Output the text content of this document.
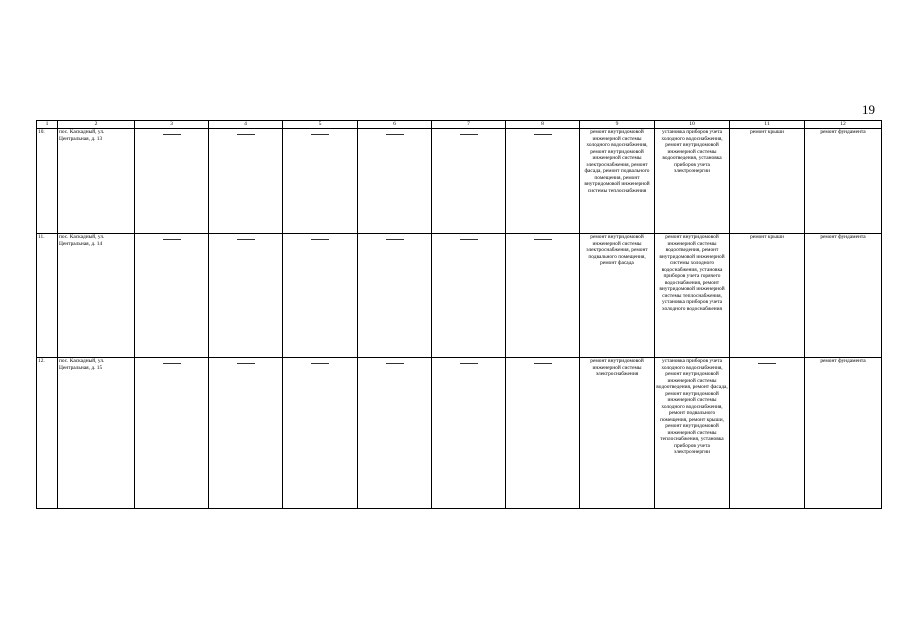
19
1	2	3	4	5	6	7	8	9	10	11	12
10.	пос. Каскадный, ул. Центральная, д. 13							ремонт внутридомовой инженерной системы холодного водоснабжения, ремонт внутридомовой инженерной системы электроснабжения, ремонт фасада, ремонт подвального помещения, ремонт внутридомовой инженерной системы теплоснабжения	установка приборов учета холодного водоснабжения, ремонт внутридомовой инженерной системы водоотведения, установка приборов учета электроэнергии	ремонт крыши	ремонт фундамента
11.	пос. Каскадный, ул. Центральная, д. 14							ремонт внутридомовой инженерной системы электроснабжения, ремонт подвального помещения, ремонт фасада	ремонт внутридомовой инженерной системы водоотведения, ремонт внутридомовой инженерной системы холодного водоснабжения, установка приборов учета горячего водоснабжения, ремонт внутридомовой инженерной системы теплоснабжения, установка приборов учета холодного водоснабжения	ремонт крыши	ремонт фундамента
12.	пос. Каскадный, ул. Центральная, д. 15							ремонт внутридомовой инженерной системы электроснабжения	установка приборов учета холодного водоснабжения, ремонт внутридомовой инженерной системы водоотведения, ремонт фасада, ремонт внутридомовой инженерной системы холодного водоснабжения, ремонт подвального помещения, ремонт крыши, ремонт внутридомовой инженерной системы теплоснабжения, установка приборов учета электроэнергии		ремонт фундамента
